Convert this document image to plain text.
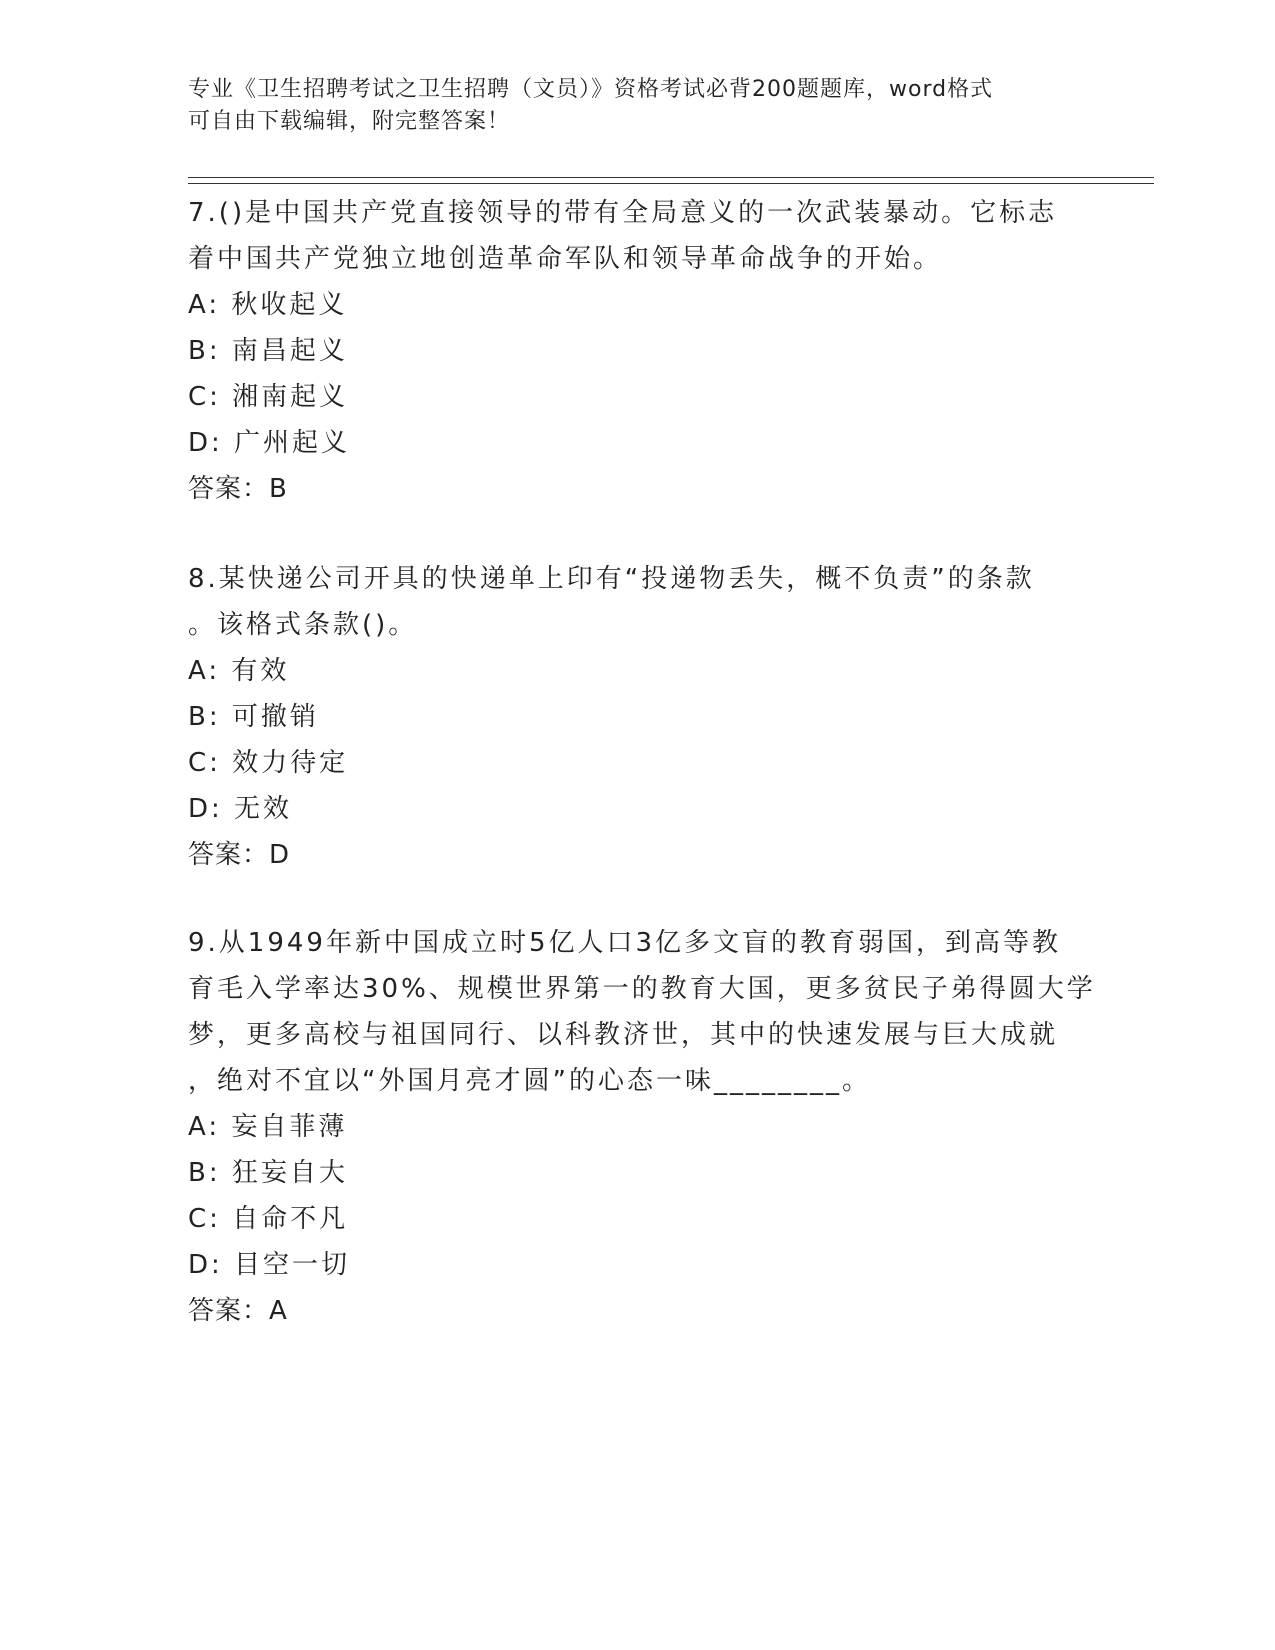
专业《卫生招聘考试之卫生招聘（文员）》资格考试必背200题题库，word格式
可自由下载编辑，附完整答案！
7.()是中国共产党直接领导的带有全局意义的一次武装暴动。它标志
着中国共产党独立地创造革命军队和领导革命战争的开始。
A: 秋收起义
B: 南昌起义
C: 湘南起义
D: 广州起义
答案：B
8.某快递公司开具的快递单上印有“投递物丢失，概不负责”的条款
。该格式条款()。
A: 有效
B: 可撤销
C: 效力待定
D: 无效
答案：D
9.从1949年新中国成立时5亿人口3亿多文盲的教育弱国，到高等教
育毛入学率达30%、规模世界第一的教育大国，更多贫民子弟得圆大学
梦，更多高校与祖国同行、以科教济世，其中的快速发展与巨大成就
，绝对不宜以“外国月亮才圆”的心态一味________。
A: 妄自菲薄
B: 狂妄自大
C: 自命不凡
D: 目空一切
答案：A
